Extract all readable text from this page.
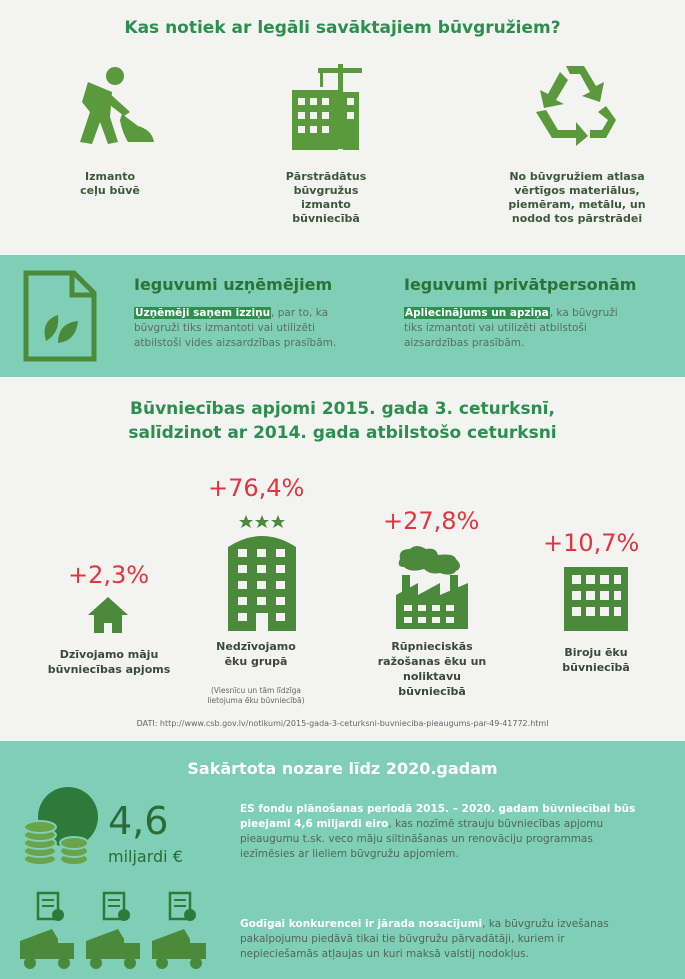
Kas notiek ar legāli savāktajiem būvgružiem?
Izmanto
ceļu būvē
Pārstrādātus
būvgružus
izmanto
būvniecībā
No būvgružiem atlasa
vērtīgos materiālus,
piemēram, metālu, un
nodod tos pārstrādei
Ieguvumi uzņēmējiem
Uzņēmēji saņem izziņu, par to, ka
būvgruži tiks izmantoti vai utilizēti
atbilstoši vides aizsardzības prasībām.
Ieguvumi privātpersonām
Apliecinājums un apziņa, ka būvgruži
tiks izmantoti vai utilizēti atbilstoši
aizsardzības prasībām.
Būvniecības apjomi 2015. gada 3. ceturksnī,
salīdzinot ar 2014. gada atbilstošo ceturksni
+2,3%
Dzīvojamo māju
būvniecības apjoms
+76,4%
Nedzīvojamo
ēku grupā
(Viesnīcu un tām līdzīga
lietojuma ēku būvniecībā)
+27,8%
Rūpnieciskās
ražošanas ēku un
noliktavu
būvniecībā
+10,7%
Biroju ēku
būvniecībā
DATI: http://www.csb.gov.lv/notikumi/2015-gada-3-ceturksni-buvnieciba-pieaugums-par-49-41772.html
Sakārtota nozare līdz 2020.gadam
4,6
miljardi €
ES fondu plānošanas periodā 2015. – 2020. gadam būvniecībai būs
pieejami 4,6 miljardi eiro, kas nozīmē strauju būvniecības apjomu
pieaugumu t.sk. veco māju siltināšanas un renovāciju programmas
iezīmēsies ar lieliem būvgružu apjomiem.
Godīgai konkurencei ir jārada nosacījumi, ka būvgružu izvešanas
pakalpojumu piedāvā tikai tie būvgružu pārvadātāji, kuriem ir
nepieciešamās atļaujas un kuri maksā valstij nodokļus.
